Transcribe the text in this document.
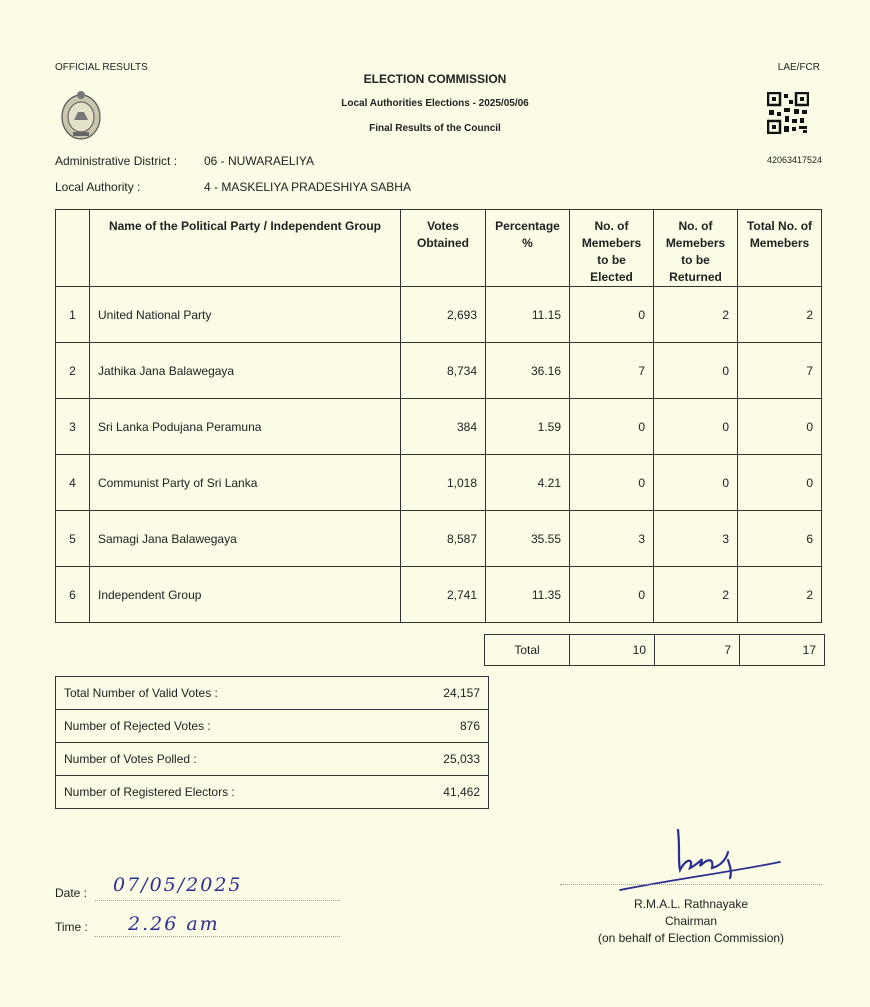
OFFICIAL RESULTS	LAE/FCR
ELECTION COMMISSION
Local Authorities Elections - 2025/05/06
Final Results of the Council
42063417524
Administrative District : 06 - NUWARAELIYA
Local Authority :	4 - MASKELIYA PRADESHIYA SABHA
	Name of the Political Party / Independent Group	Votes Obtained	Percentage %	No. of Memebers to be Elected	No. of Memebers to be Returned	Total No. of Memebers
1	United National Party	2,693	11.15	0	2	2
2	Jathika Jana Balawegaya	8,734	36.16	7	0	7
3	Sri Lanka Podujana Peramuna	384	1.59	0	0	0
4	Communist Party of Sri Lanka	1,018	4.21	0	0	0
5	Samagi Jana Balawegaya	8,587	35.55	3	3	6
6	Independent Group	2,741	11.35	0	2	2
Total	10	7	17
Total Number of Valid Votes :	24,157
Number of Rejected Votes :	876
Number of Votes Polled :	25,033
Number of Registered Electors :	41,462
Date : 07/05/2025
Time : 2.26 am
R.M.A.L. Rathnayake
Chairman
(on behalf of Election Commission)
